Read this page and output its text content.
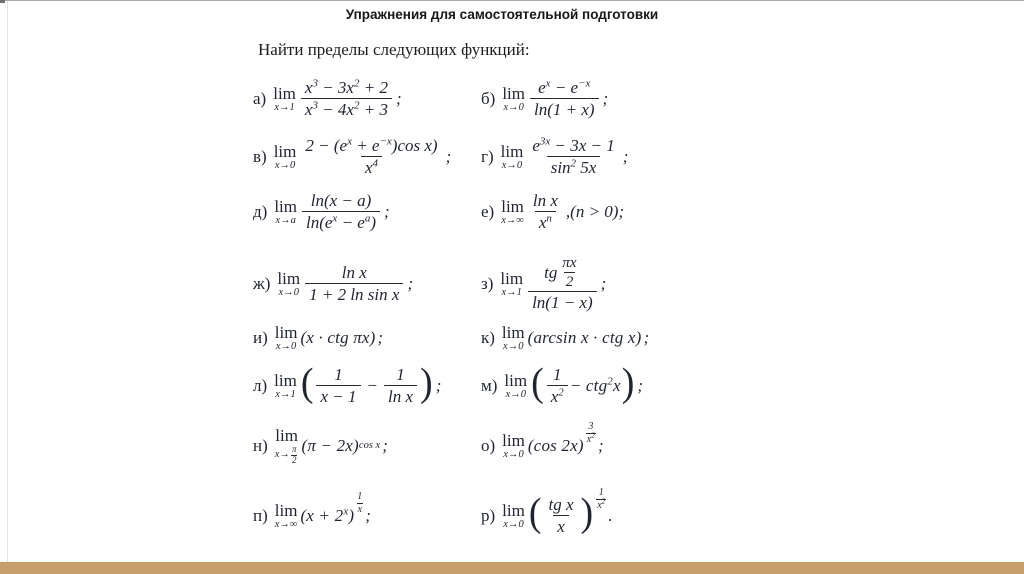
Упражнения для самостоятельной подготовки
Найти пределы следующих функций:
а) lim
$x\to 1 \frac{x^3 - 3x^2 + 2}{x^3 - 4x^2 + 3}$ ;	б) lim
$x\to 0 \frac{e^x - e^{-x}}{\ln(1 + x)}$ ;
в) lim
$x\to 0 \frac{2 - (e^x + e^{-x})\cos x)}{x^4}$ ; г) lim
$x\to 0 \frac{e^{3x} - 3x - 1}{\sin^2 5x}$ ;
д) lim
$x\to a \frac{\ln(x - a)}{\ln(e^x - e^a)}$ ;	е) lim
$x\to\infty \frac{\text{ln x}}{x^n} ,(n > 0)$;
ж) lim
$x\to 0 \frac{\text{ln x}}{\text{1 + 2 ln sin x}}$ ;	з) lim
$x\to 1 \frac{tg \frac{\pi x}{2}}{\ln(1 - x)}$ ;
и) lim
x→0 (x · ctg πx) ;	к) lim
x→0 (arcsin x · ctg x) ;
л) lim
x→1 ( $\frac{1}{x - 1} - \frac{1}{\text{ln x}}$ ) ; м) lim
x→0 ( $\frac{1}{x^2} - ctg^2x$ ) ;
н)
lim
$x\to \frac{\pi}{2} (\pi - 2x)$ cos x ;	о) lim
x→0 (cos 2x)
$\frac{3}{x^2}$
;
п) lim
x→∞ $(x + 2^x)$
$\frac{1}{x}$
;	р) lim
x→0 ( $\frac{\text{tg x}}{x}$ ) $\frac{1}{x^2}$
.
